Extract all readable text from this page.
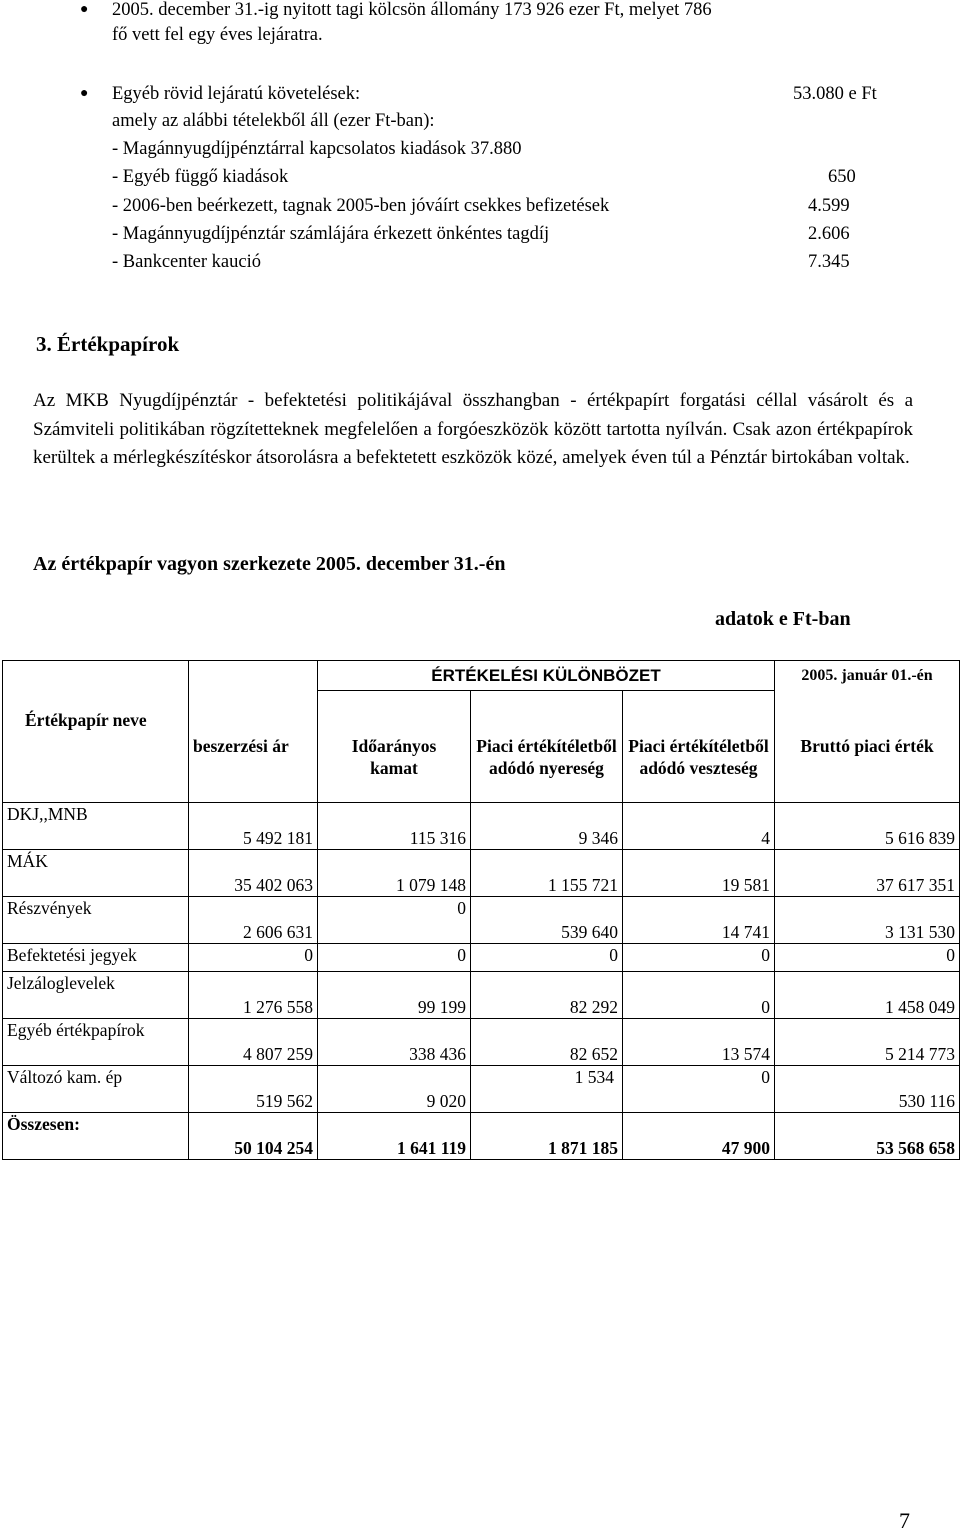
● 2005. december 31.-ig nyitott tagi kölcsön állomány 173 926 ezer Ft, melyet 786
fő vett fel egy éves lejáratra.
● Egyéb rövid lejáratú követelések:	53.080 e Ft
amely az alábbi tételekből áll (ezer Ft-ban):
- Magánnyugdíjpénztárral kapcsolatos kiadások 37.880
- Egyéb függő kiadások	650
- 2006-ben beérkezett, tagnak 2005-ben jóváírt csekkes befizetések	4.599
- Magánnyugdíjpénztár számlájára érkezett önkéntes tagdíj	2.606
- Bankcenter kaució	7.345
3. Értékpapírok
Az MKB Nyugdíjpénztár - befektetési politikájával összhangban - értékpapírt forgatási céllal vásárolt és a Számviteli politikában rögzítetteknek megfelelően a forgóeszközök között tartotta nyílván. Csak azon értékpapírok kerültek a mérlegkészítéskor átsorolásra a befektetett eszközök közé, amelyek éven túl a Pénztár birtokában voltak.
Az értékpapír vagyon szerkezete 2005. december 31.-én
adatok e Ft-ban
		ÉRTÉKELÉSI KÜLÖNBÖZET			2005. január 01.-én
Értékpapír neve	beszerzési ár	Időarányos kamat	Piaci értékítéletből adódó nyereség	Piaci értékítéletből adódó veszteség	Bruttó piaci érték
DKJ,,MNB	5 492 181	115 316	9 346	4	5 616 839
MÁK	35 402 063	1 079 148	1 155 721	19 581	37 617 351
Részvények	2 606 631	0	539 640	14 741	3 131 530
Befektetési jegyek	0	0	0	0	0
Jelzáloglevelek	1 276 558	99 199	82 292	0	1 458 049
Egyéb értékpapírok	4 807 259	338 436	82 652	13 574	5 214 773
Változó kam. ép	519 562	9 020	1 534	0	530 116
Összesen:	50 104 254	1 641 119	1 871 185	47 900	53 568 658
7
